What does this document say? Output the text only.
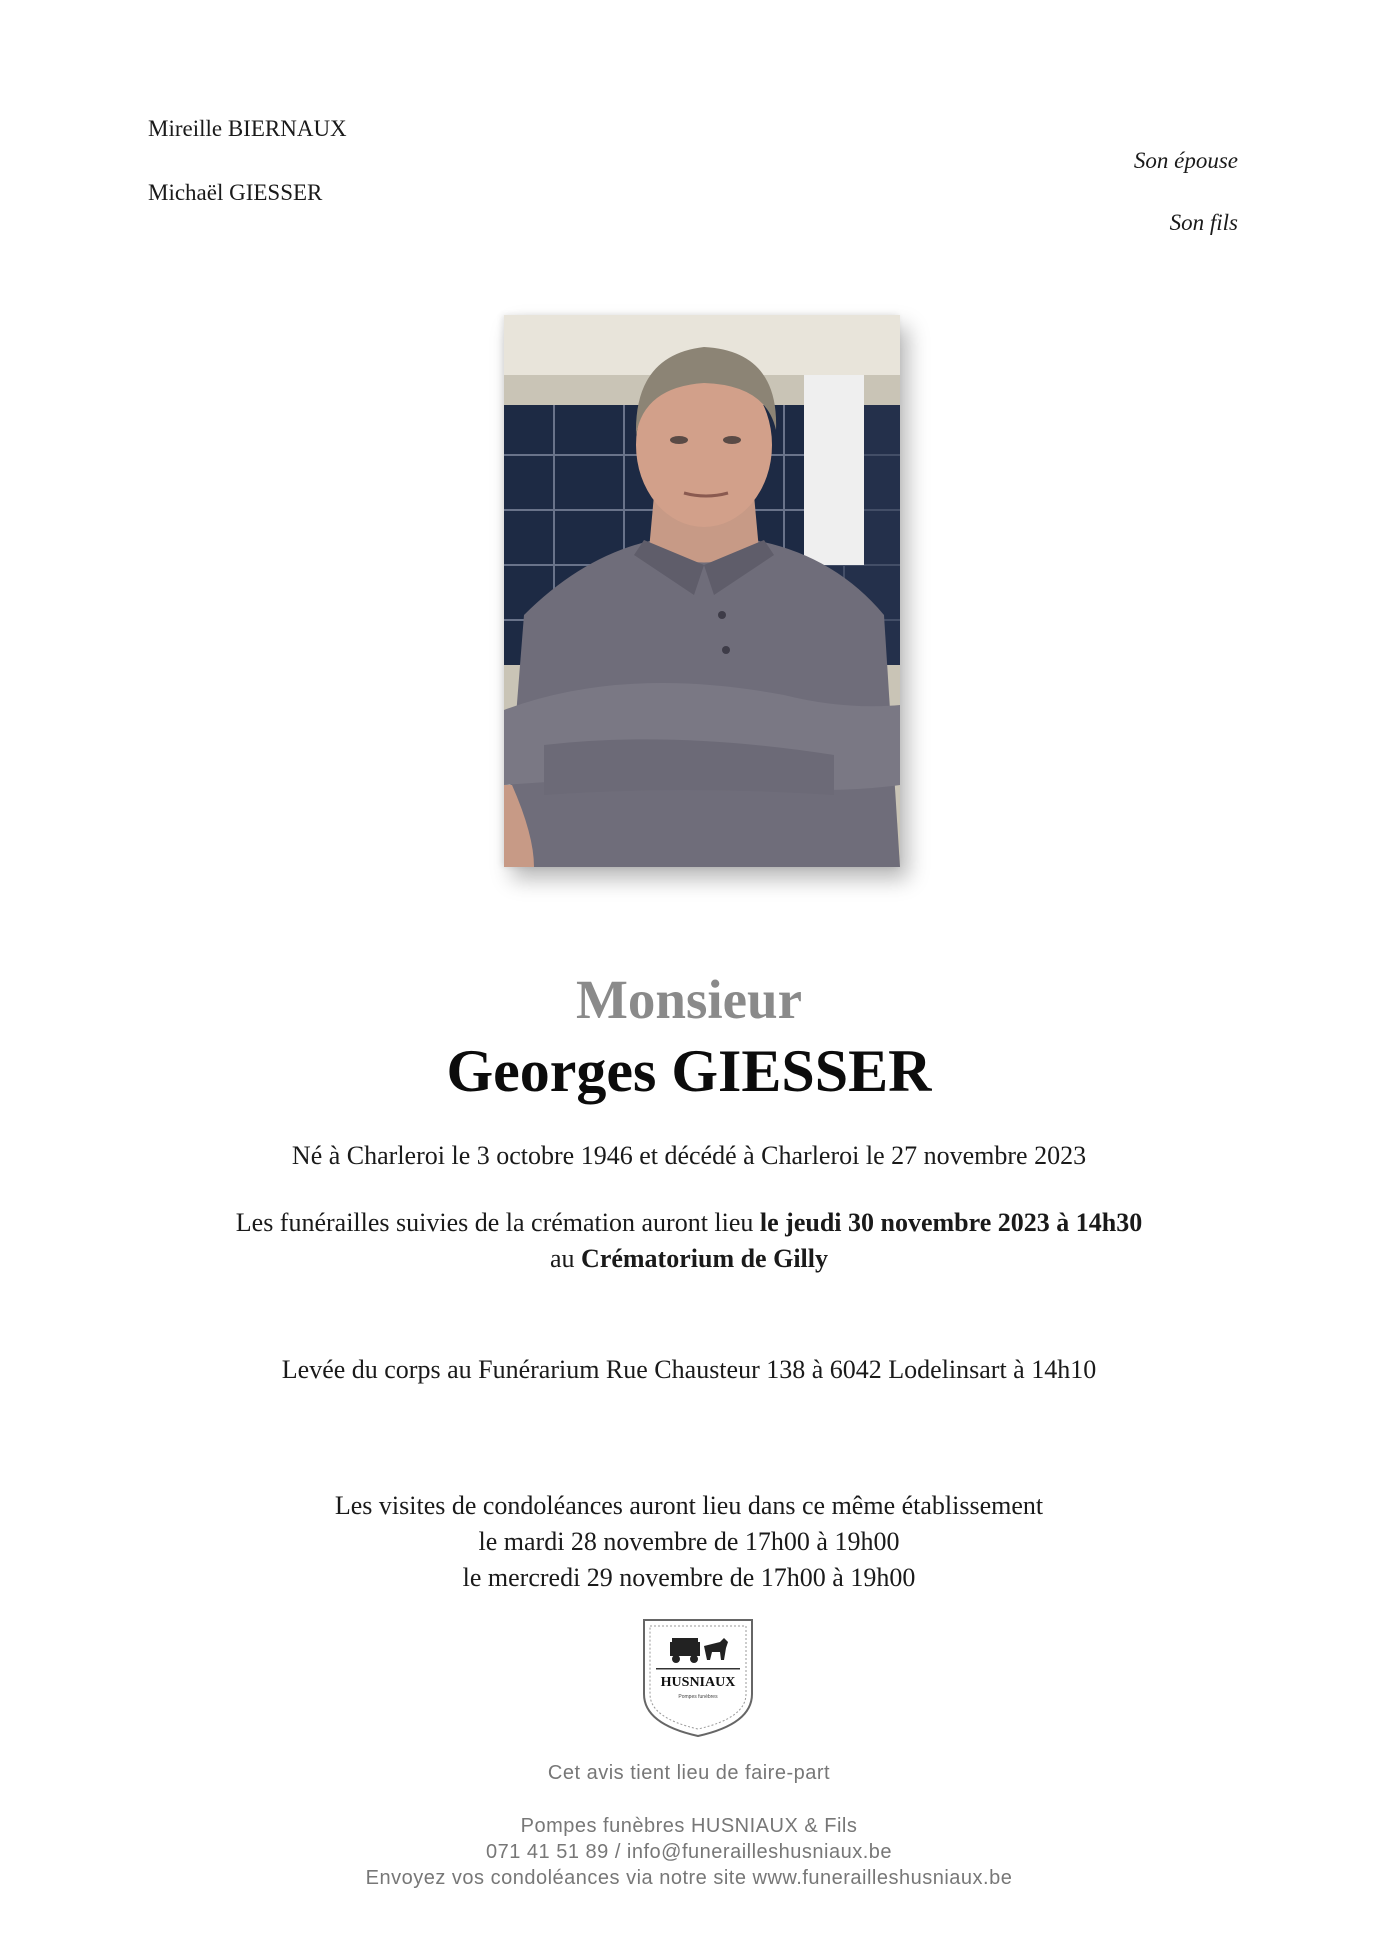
Mireille BIERNAUX
Son épouse
Michaël GIESSER
Son fils
Monsieur
Georges GIESSER
Né à Charleroi le 3 octobre 1946 et décédé à Charleroi le 27 novembre 2023
Les funérailles suivies de la crémation auront lieu le jeudi 30 novembre 2023 à 14h30
au Crématorium de Gilly
Levée du corps au Funérarium Rue Chausteur 138 à 6042 Lodelinsart à 14h10
Les visites de condoléances auront lieu dans ce même établissement
le mardi 28 novembre de 17h00 à 19h00
le mercredi 29 novembre de 17h00 à 19h00
HUSNIAUX
Pompes funèbres
Cet avis tient lieu de faire-part
Pompes funèbres HUSNIAUX & Fils
071 41 51 89 / info@funerailleshusniaux.be
Envoyez vos condoléances via notre site www.funerailleshusniaux.be
